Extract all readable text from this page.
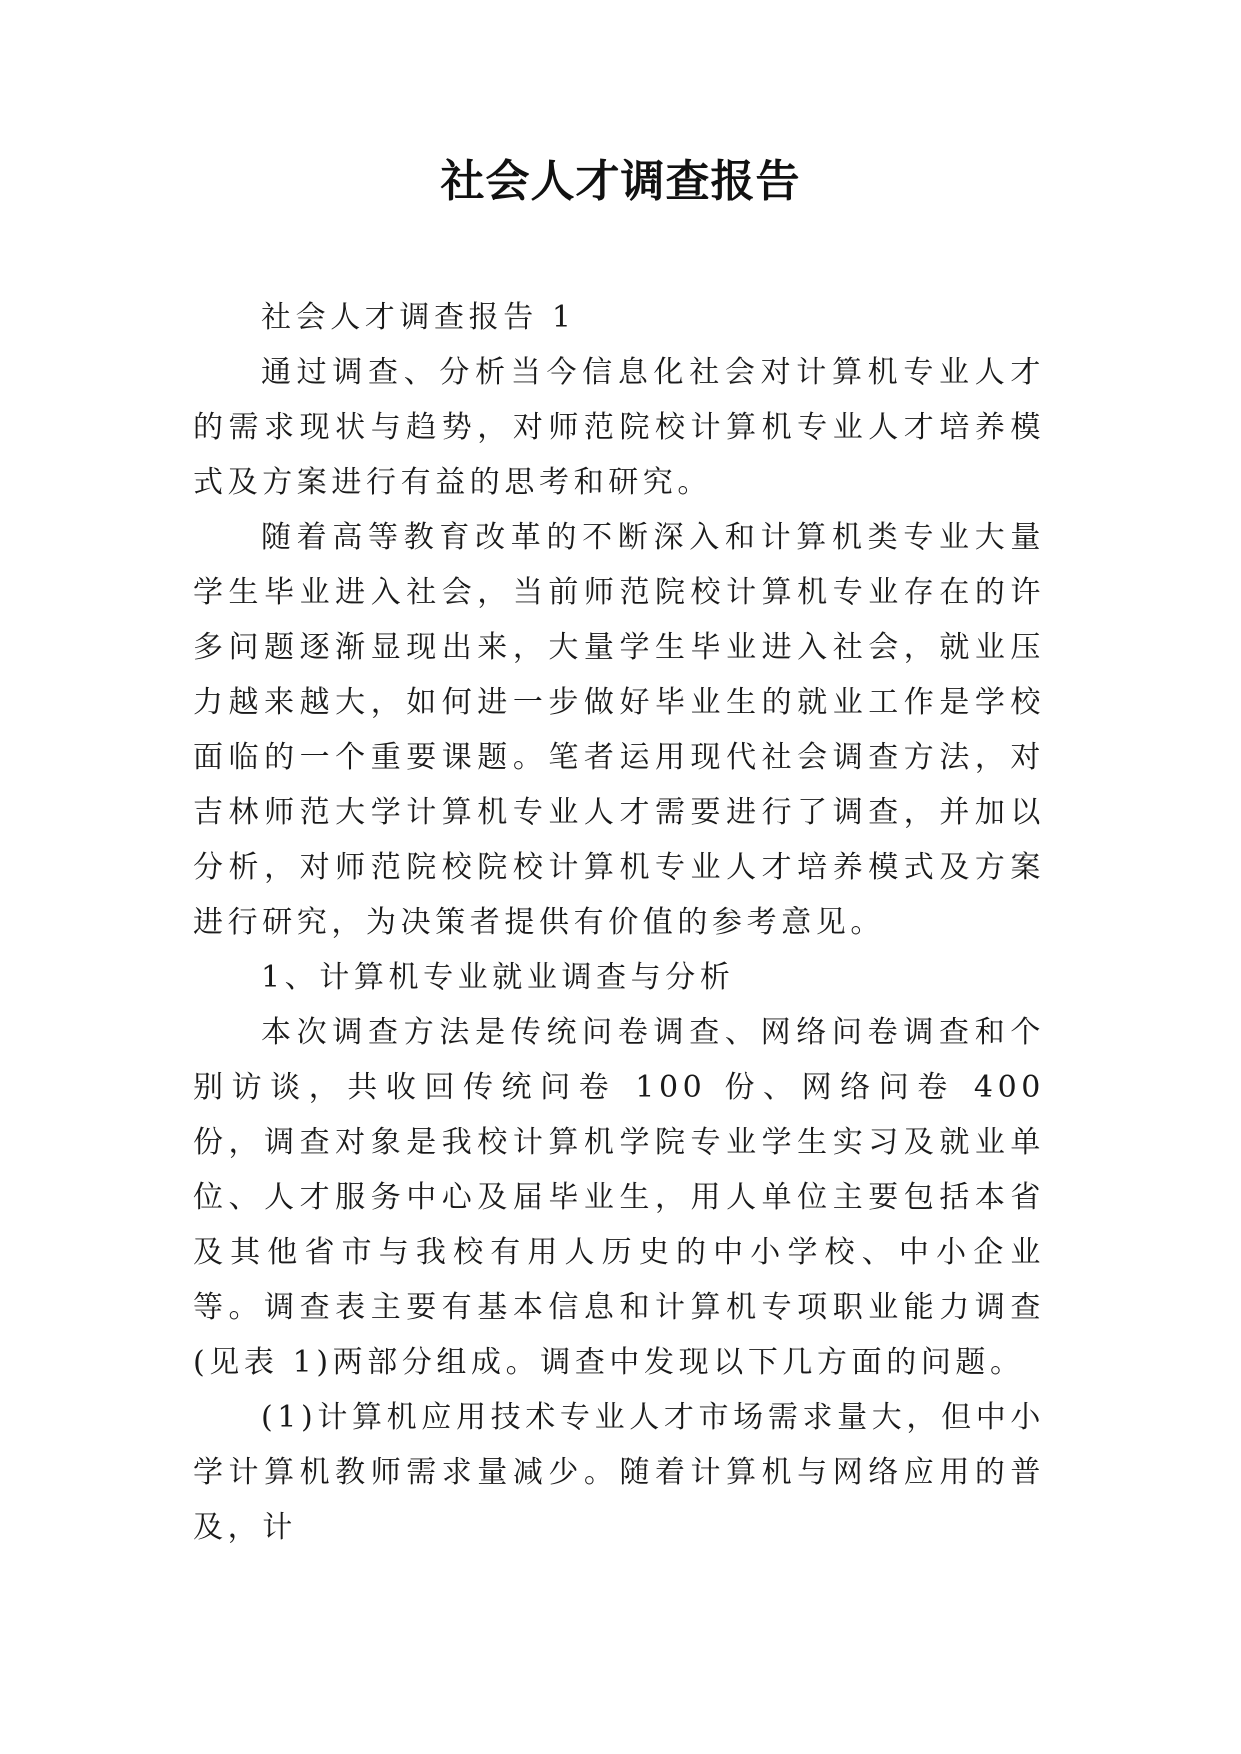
社会人才调查报告

社会人才调查报告 1

通过调查、分析当今信息化社会对计算机专业人才的需求现状与趋势，对师范院校计算机专业人才培养模式及方案进行有益的思考和研究。

随着高等教育改革的不断深入和计算机类专业大量学生毕业进入社会，当前师范院校计算机专业存在的许多问题逐渐显现出来，大量学生毕业进入社会，就业压力越来越大，如何进一步做好毕业生的就业工作是学校面临的一个重要课题。笔者运用现代社会调查方法，对吉林师范大学计算机专业人才需要进行了调查，并加以分析，对师范院校院校计算机专业人才培养模式及方案进行研究，为决策者提供有价值的参考意见。

1、计算机专业就业调查与分析

本次调查方法是传统问卷调查、网络问卷调查和个别访谈，共收回传统问卷 100 份、网络问卷 400 份，调查对象是我校计算机学院专业学生实习及就业单位、人才服务中心及届毕业生，用人单位主要包括本省及其他省市与我校有用人历史的中小学校、中小企业等。调查表主要有基本信息和计算机专项职业能力调查(见表 1)两部分组成。调查中发现以下几方面的问题。

(1)计算机应用技术专业人才市场需求量大，但中小学计算机教师需求量减少。随着计算机与网络应用的普及，计
